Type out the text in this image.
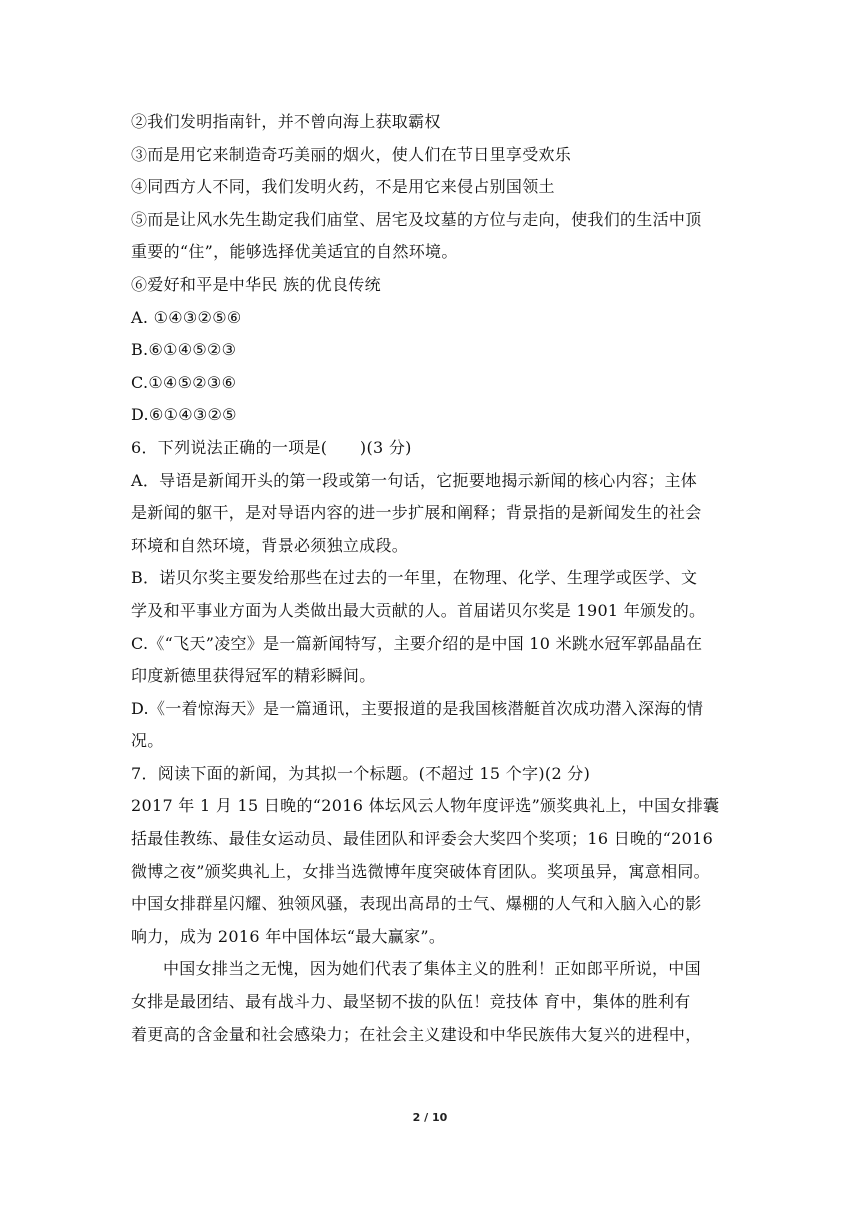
②我们发明指南针，并不曾向海上获取霸权
③而是用它来制造奇巧美丽的烟火，使人们在节日里享受欢乐
④同西方人不同，我们发明火药，不是用它来侵占别国领土
⑤而是让风水先生勘定我们庙堂、居宅及坟墓的方位与走向，使我们的生活中顶
重要的“住”，能够选择优美适宜的自然环境。
⑥爱好和平是中华民 族的优良传统
A. ①④③②⑤⑥
B.⑥①④⑤②③
C.①④⑤②③⑥
D.⑥①④③②⑤
6．下列说法正确的一项是(　　)(3 分)
A．导语是新闻开头的第一段或第一句话，它扼要地揭示新闻的核心内容；主体
是新闻的躯干，是对导语内容的进一步扩展和阐释；背景指的是新闻发生的社会
环境和自然环境，背景必须独立成段。
B．诺贝尔奖主要发给那些在过去的一年里，在物理、化学、生理学或医学、文
学及和平事业方面为人类做出最大贡献的人。首届诺贝尔奖是 1901 年颁发的。
C.《“飞天”凌空》是一篇新闻特写，主要介绍的是中国 10 米跳水冠军郭晶晶在
印度新德里获得冠军的精彩瞬间。
D.《一着惊海天》是一篇通讯，主要报道的是我国核潜艇首次成功潜入深海的情
况。
7．阅读下面的新闻，为其拟一个标题。(不超过 15 个字)(2 分)
2017 年 1 月 15 日晚的“2016 体坛风云人物年度评选”颁奖典礼上，中国女排囊
括最佳教练、最佳女运动员、最佳团队和评委会大奖四个奖项；16 日晚的“2016
微博之夜”颁奖典礼上，女排当选微博年度突破体育团队。奖项虽异，寓意相同。
中国女排群星闪耀、独领风骚，表现出高昂的士气、爆棚的人气和入脑入心的影
响力，成为 2016 年中国体坛“最大赢家”。
中国女排当之无愧，因为她们代表了集体主义的胜利！正如郎平所说，中国
女排是最团结、最有战斗力、最坚韧不拔的队伍！竞技体 育中，集体的胜利有
着更高的含金量和社会感染力；在社会主义建设和中华民族伟大复兴的进程中，
2 / 10
